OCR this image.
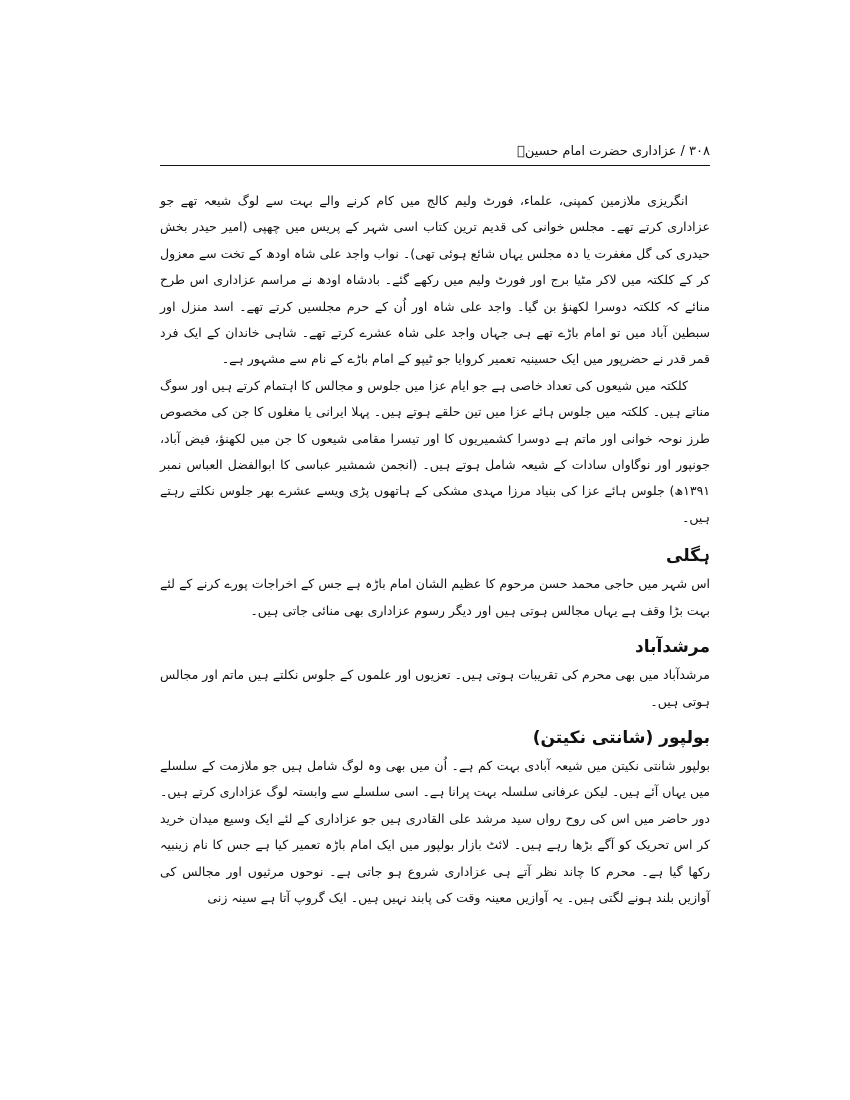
۳۰۸ / عزاداری حضرت امام حسینؑ

انگریزی ملازمین کمپنی، علماء، فورٹ ولیم کالج میں کام کرنے والے بہت سے لوگ شیعہ تھے جو عزاداری کرتے تھے۔ مجلس خوانی کی قدیم ترین کتاب اسی شہر کے پریس میں چھپی (امیر حیدر بخش حیدری کی گل مغفرت یا دہ مجلس یہاں شائع ہوئی تھی)۔ نواب واجد علی شاہ اودھ کے تخت سے معزول کر کے کلکتہ میں لاکر مٹیا برج اور فورٹ ولیم میں رکھے گئے۔ بادشاہ اودھ نے مراسم عزاداری اس طرح منائے کہ کلکتہ دوسرا لکھنؤ بن گیا۔ واجد علی شاہ اور اُن کے حرم مجلسیں کرتے تھے۔ اسد منزل اور سبطین آباد میں تو امام باڑے تھے ہی جہاں واجد علی شاہ عشرے کرتے تھے۔ شاہی خاندان کے ایک فرد قمر قدر نے حضرپور میں ایک حسینیہ تعمیر کروایا جو ٹیپو کے امام باڑے کے نام سے مشہور ہے۔

کلکتہ میں شیعوں کی تعداد خاصی ہے جو ایام عزا میں جلوس و مجالس کا اہتمام کرتے ہیں اور سوگ مناتے ہیں۔ کلکتہ میں جلوس ہائے عزا میں تین حلقے ہوتے ہیں۔ پہلا ایرانی یا مغلوں کا جن کی مخصوص طرز نوحہ خوانی اور ماتم ہے دوسرا کشمیریوں کا اور تیسرا مقامی شیعوں کا جن میں لکھنؤ، فیض آباد، جونپور اور نوگاواں سادات کے شیعہ شامل ہوتے ہیں۔ (انجمن شمشیر عباسی کا ابوالفضل العباس نمبر ۱۳۹۱ھ) جلوس ہائے عزا کی بنیاد مرزا مہدی مشکی کے ہاتھوں پڑی ویسے عشرے بھر جلوس نکلتے رہتے ہیں۔

ہگلی

اس شہر میں حاجی محمد حسن مرحوم کا عظیم الشان امام باڑہ ہے جس کے اخراجات پورے کرنے کے لئے بہت بڑا وقف ہے یہاں مجالس ہوتی ہیں اور دیگر رسوم عزاداری بھی منائی جاتی ہیں۔

مرشدآباد

مرشدآباد میں بھی محرم کی تقریبات ہوتی ہیں۔ تعزیوں اور علموں کے جلوس نکلتے ہیں ماتم اور مجالس ہوتی ہیں۔

بولپور (شانتی نکیتن)

بولپور شانتی نکیتن میں شیعہ آبادی بہت کم ہے۔ اُن میں بھی وہ لوگ شامل ہیں جو ملازمت کے سلسلے میں یہاں آئے ہیں۔ لیکن عرفانی سلسلہ بہت پرانا ہے۔ اسی سلسلے سے وابستہ لوگ عزاداری کرتے ہیں۔ دور حاضر میں اس کی روح رواں سید مرشد علی القادری ہیں جو عزاداری کے لئے ایک وسیع میدان خرید کر اس تحریک کو آگے بڑھا رہے ہیں۔ لائٹ بازار بولپور میں ایک امام باڑہ تعمیر کیا ہے جس کا نام زینبیہ رکھا گیا ہے۔ محرم کا چاند نظر آتے ہی عزاداری شروع ہو جاتی ہے۔ نوحوں مرثیوں اور مجالس کی آوازیں بلند ہونے لگتی ہیں۔ یہ آوازیں معینہ وقت کی پابند نہیں ہیں۔ ایک گروپ آتا ہے سینہ زنی
